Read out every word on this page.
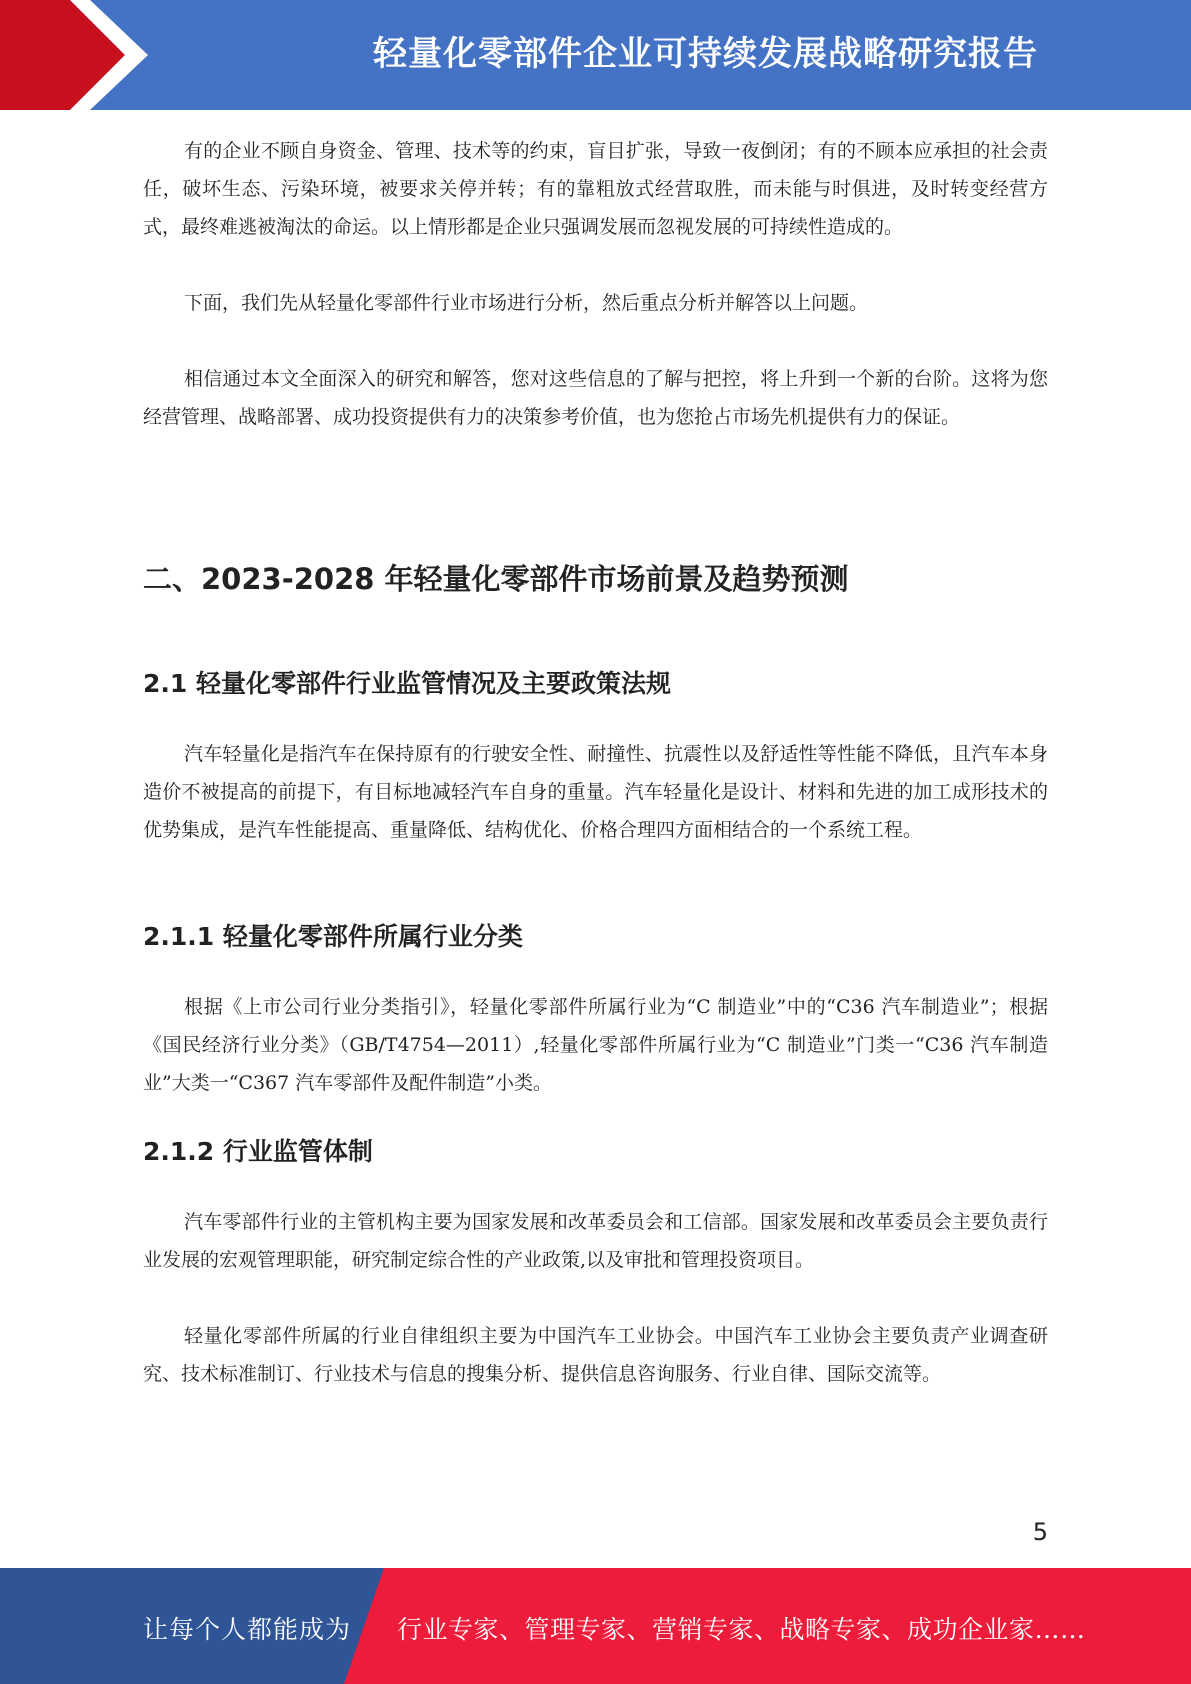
轻量化零部件企业可持续发展战略研究报告

有的企业不顾自身资金、管理、技术等的约束，盲目扩张，导致一夜倒闭；有的不顾本应承担的社会责任，破坏生态、污染环境，被要求关停并转；有的靠粗放式经营取胜，而未能与时俱进，及时转变经营方式，最终难逃被淘汰的命运。以上情形都是企业只强调发展而忽视发展的可持续性造成的。

下面，我们先从轻量化零部件行业市场进行分析，然后重点分析并解答以上问题。

相信通过本文全面深入的研究和解答，您对这些信息的了解与把控，将上升到一个新的台阶。这将为您经营管理、战略部署、成功投资提供有力的决策参考价值，也为您抢占市场先机提供有力的保证。

二、2023-2028 年轻量化零部件市场前景及趋势预测
2.1 轻量化零部件行业监管情况及主要政策法规

汽车轻量化是指汽车在保持原有的行驶安全性、耐撞性、抗震性以及舒适性等性能不降低，且汽车本身造价不被提高的前提下，有目标地减轻汽车自身的重量。汽车轻量化是设计、材料和先进的加工成形技术的优势集成，是汽车性能提高、重量降低、结构优化、价格合理四方面相结合的一个系统工程。

2.1.1 轻量化零部件所属行业分类

根据《上市公司行业分类指引》，轻量化零部件所属行业为“C 制造业”中的“C36 汽车制造业”；根据《国民经济行业分类》（GB/T4754—2011）,轻量化零部件所属行业为“C 制造业”门类一“C36 汽车制造业”大类一“C367 汽车零部件及配件制造”小类。

2.1.2 行业监管体制

汽车零部件行业的主管机构主要为国家发展和改革委员会和工信部。国家发展和改革委员会主要负责行业发展的宏观管理职能，研究制定综合性的产业政策,以及审批和管理投资项目。

轻量化零部件所属的行业自律组织主要为中国汽车工业协会。中国汽车工业协会主要负责产业调查研究、技术标准制订、行业技术与信息的搜集分析、提供信息咨询服务、行业自律、国际交流等。

5
让每个人都能成为 行业专家、管理专家、营销专家、战略专家、成功企业家……
